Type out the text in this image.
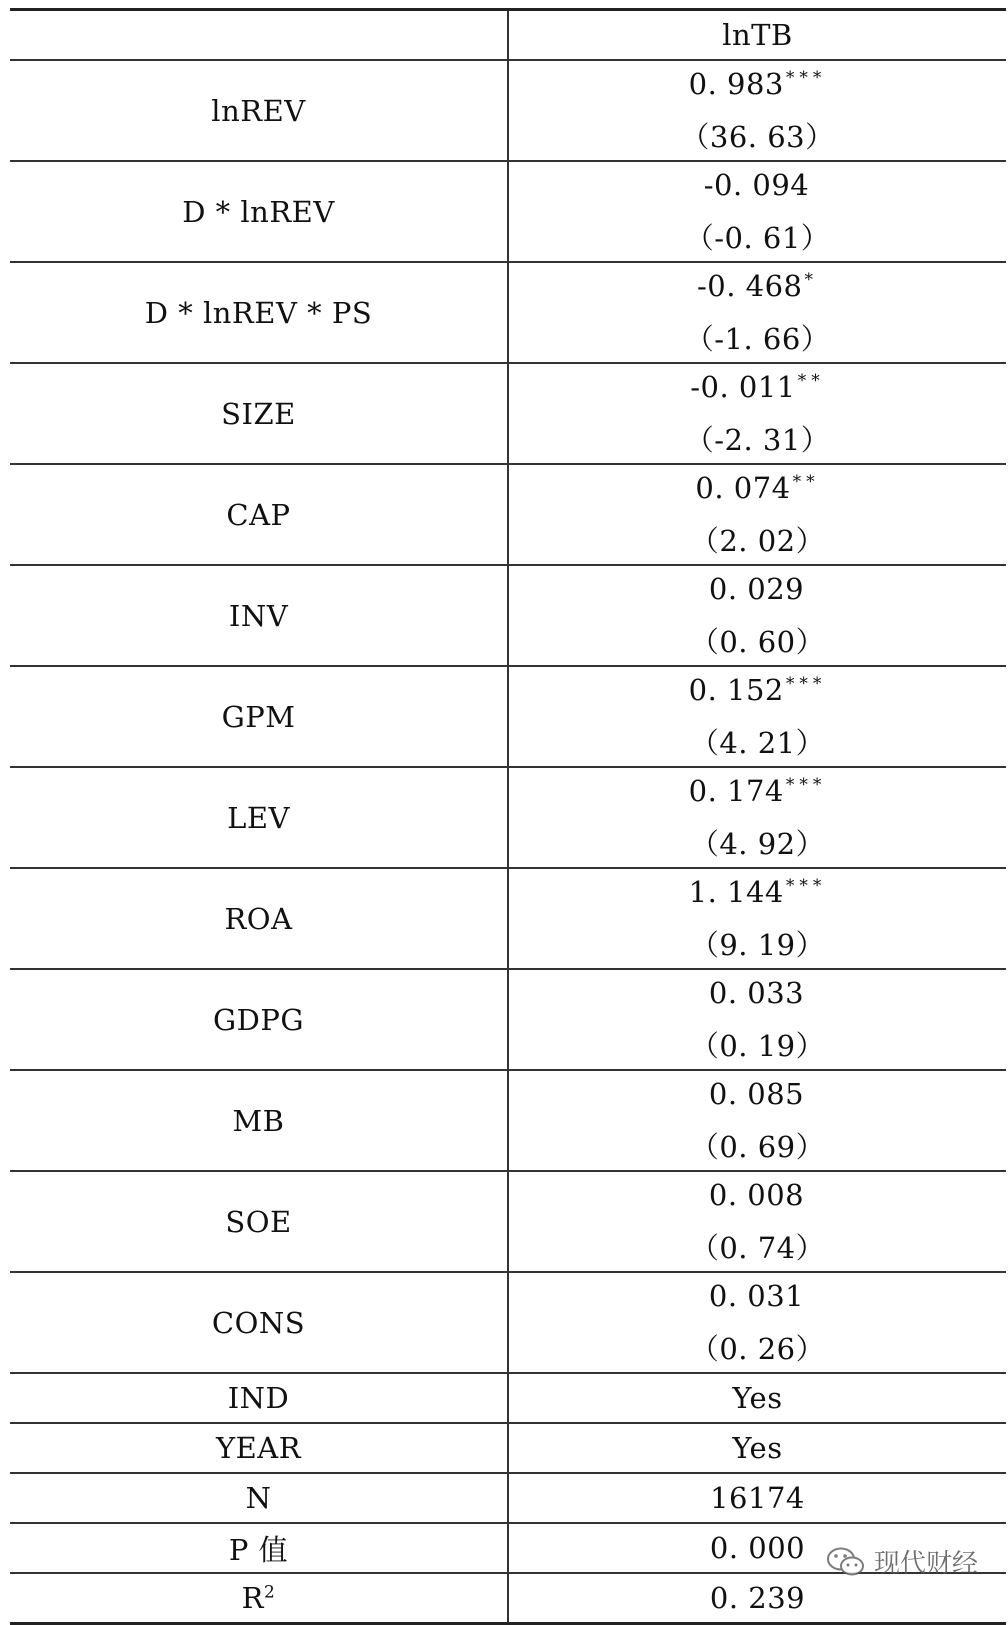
	lnTB
lnREV	0. 983 ***
（36. 63）

D * lnREV	-0. 094
（-0. 61）

D * lnREV * PS	-0. 468 *
（-1. 66）

SIZE	-0. 011 **
（-2. 31）

CAP	0. 074 **
（2. 02）

INV	0. 029
（0. 60）

GPM	0. 152 ***
（4. 21）

LEV	0. 174 ***
（4. 92）

ROA	1. 144 ***
（9. 19）

GDPG	0. 033
（0. 19）

MB	0. 085
（0. 69）

SOE	0. 008
（0. 74）

CONS	0. 031
（0. 26）

IND	Yes
YEAR	Yes
N	16174
P 值	0. 000
$R^2$	0. 239
现代财经
